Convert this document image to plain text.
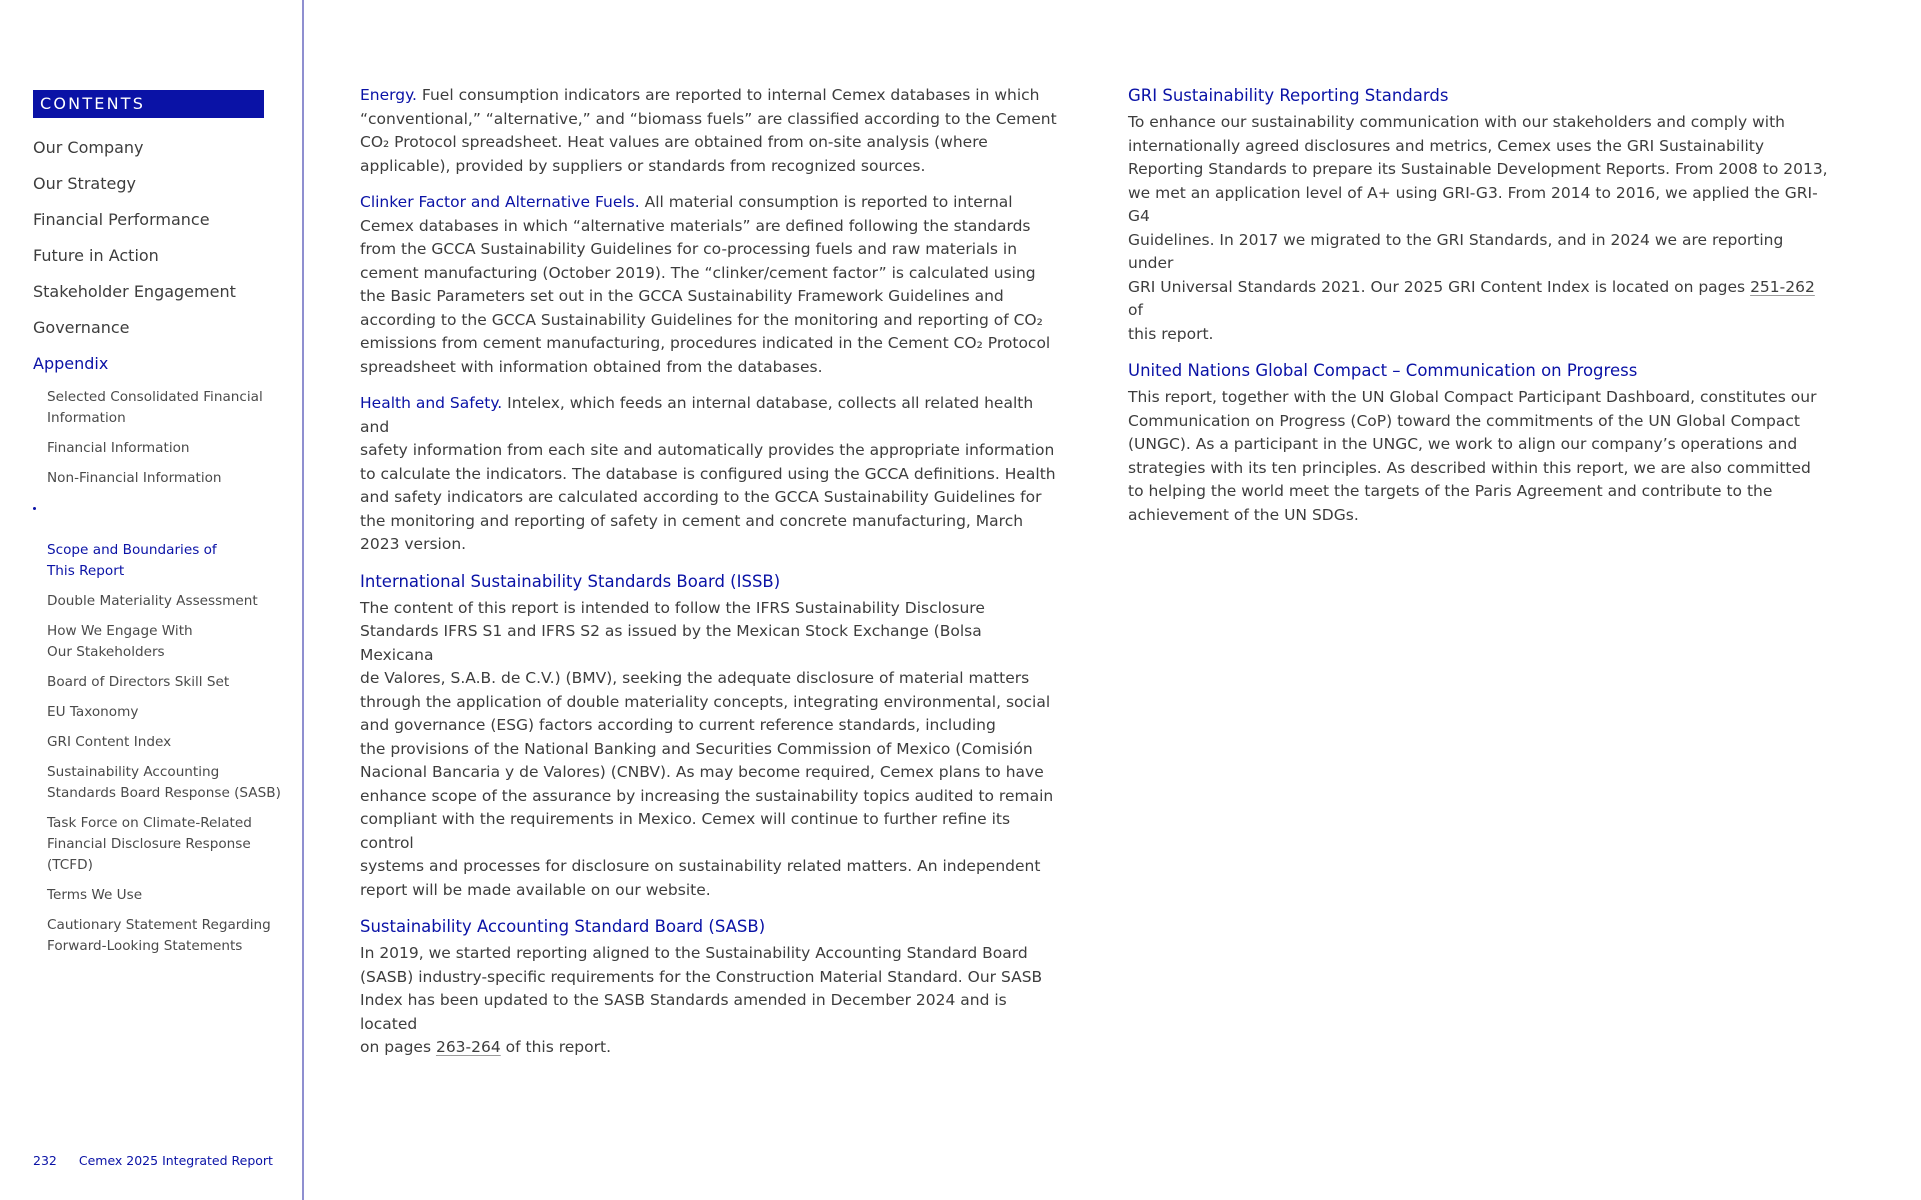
CONTENTS
Our Company
Our Strategy
Financial Performance
Future in Action
Stakeholder Engagement
Governance
Appendix
Selected Consolidated Financial
Information
Financial Information
Non-Financial Information

Scope and Boundaries of
This Report

Double Materiality Assessment
How We Engage With
Our Stakeholders
Board of Directors Skill Set
EU Taxonomy
GRI Content Index
Sustainability Accounting
Standards Board Response (SASB)
Task Force on Climate-Related
Financial Disclosure Response
(TCFD)
Terms We Use
Cautionary Statement Regarding
Forward-Looking Statements
232 Cemex 2025 Integrated Report

Energy. Fuel consumption indicators are reported to internal Cemex databases in which
“conventional,” “alternative,” and “biomass fuels” are classified according to the Cement
CO₂ Protocol spreadsheet. Heat values are obtained from on-site analysis (where
applicable), provided by suppliers or standards from recognized sources.

Clinker Factor and Alternative Fuels. All material consumption is reported to internal
Cemex databases in which “alternative materials” are defined following the standards
from the GCCA Sustainability Guidelines for co-processing fuels and raw materials in
cement manufacturing (October 2019). The “clinker/cement factor” is calculated using
the Basic Parameters set out in the GCCA Sustainability Framework Guidelines and
according to the GCCA Sustainability Guidelines for the monitoring and reporting of CO₂
emissions from cement manufacturing, procedures indicated in the Cement CO₂ Protocol
spreadsheet with information obtained from the databases.

Health and Safety. Intelex, which feeds an internal database, collects all related health and
safety information from each site and automatically provides the appropriate information
to calculate the indicators. The database is configured using the GCCA definitions. Health
and safety indicators are calculated according to the GCCA Sustainability Guidelines for
the monitoring and reporting of safety in cement and concrete manufacturing, March
2023 version.

International Sustainability Standards Board (ISSB)

The content of this report is intended to follow the IFRS Sustainability Disclosure
Standards IFRS S1 and IFRS S2 as issued by the Mexican Stock Exchange (Bolsa Mexicana
de Valores, S.A.B. de C.V.) (BMV), seeking the adequate disclosure of material matters
through the application of double materiality concepts, integrating environmental, social
and governance (ESG) factors according to current reference standards, including
the provisions of the National Banking and Securities Commission of Mexico (Comisión
Nacional Bancaria y de Valores) (CNBV). As may become required, Cemex plans to have
enhance scope of the assurance by increasing the sustainability topics audited to remain
compliant with the requirements in Mexico. Cemex will continue to further refine its control
systems and processes for disclosure on sustainability related matters. An independent
report will be made available on our website.

Sustainability Accounting Standard Board (SASB)

In 2019, we started reporting aligned to the Sustainability Accounting Standard Board
(SASB) industry-specific requirements for the Construction Material Standard. Our SASB
Index has been updated to the SASB Standards amended in December 2024 and is located
on pages 263-264 of this report.

GRI Sustainability Reporting Standards

To enhance our sustainability communication with our stakeholders and comply with
internationally agreed disclosures and metrics, Cemex uses the GRI Sustainability
Reporting Standards to prepare its Sustainable Development Reports. From 2008 to 2013,
we met an application level of A+ using GRI-G3. From 2014 to 2016, we applied the GRI-G4
Guidelines. In 2017 we migrated to the GRI Standards, and in 2024 we are reporting under
GRI Universal Standards 2021. Our 2025 GRI Content Index is located on pages 251-262 of
this report.

United Nations Global Compact – Communication on Progress

This report, together with the UN Global Compact Participant Dashboard, constitutes our
Communication on Progress (CoP) toward the commitments of the UN Global Compact
(UNGC). As a participant in the UNGC, we work to align our company’s operations and
strategies with its ten principles. As described within this report, we are also committed
to helping the world meet the targets of the Paris Agreement and contribute to the
achievement of the UN SDGs.
